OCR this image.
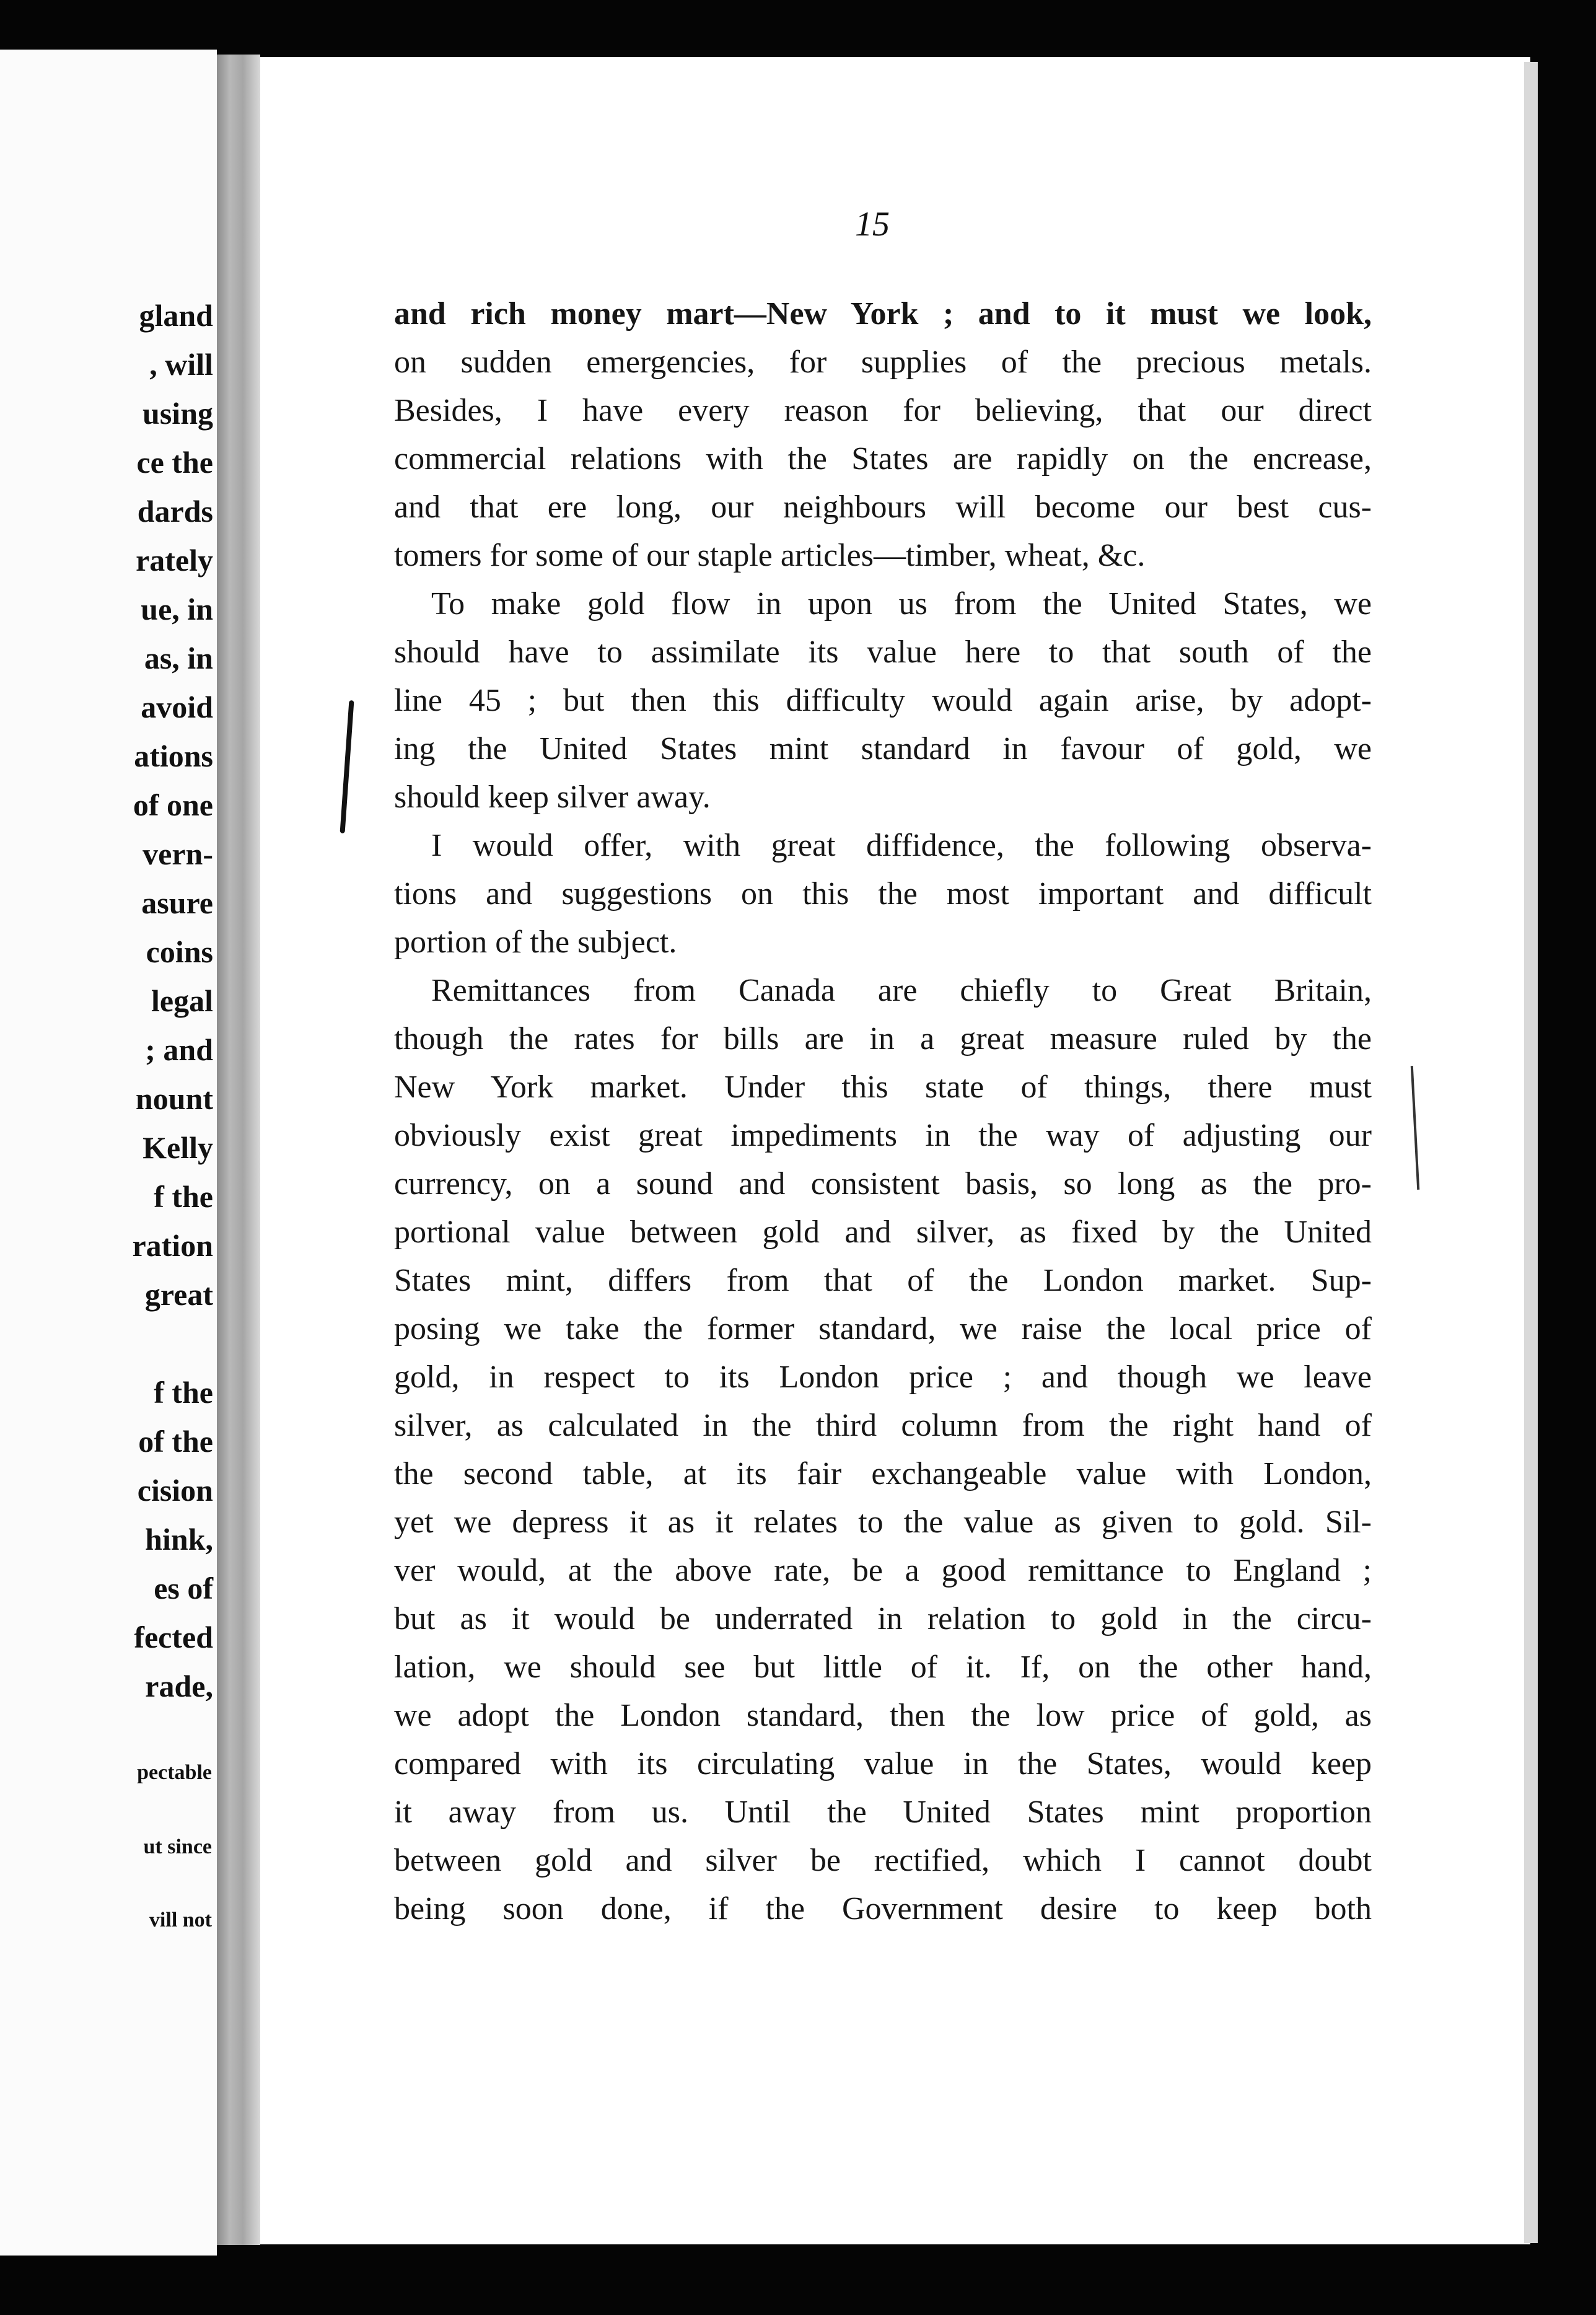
gland
, will
using
ce the
dards
rately
ue, in
as, in
avoid
ations
of one
vern-
asure
coins
legal
; and
nount
Kelly
f the
ration
great
f the
of the
cision
hink,
es of
fected
rade,
pectable
ut since
vill not
15
and rich money mart—New York ; and to it must we look,
on sudden emergencies, for supplies of the precious metals.
Besides, I have every reason for believing, that our direct
commercial relations with the States are rapidly on the encrease,
and that ere long, our neighbours will become our best cus-
tomers for some of our staple articles—timber, wheat, &c.
To make gold flow in upon us from the United States, we
should have to assimilate its value here to that south of the
line 45 ; but then this difficulty would again arise, by adopt-
ing the United States mint standard in favour of gold, we
should keep silver away.
I would offer, with great diffidence, the following observa-
tions and suggestions on this the most important and difficult
portion of the subject.
Remittances from Canada are chiefly to Great Britain,
though the rates for bills are in a great measure ruled by the
New York market. Under this state of things, there must
obviously exist great impediments in the way of adjusting our
currency, on a sound and consistent basis, so long as the pro-
portional value between gold and silver, as fixed by the United
States mint, differs from that of the London market. Sup-
posing we take the former standard, we raise the local price of
gold, in respect to its London price ; and though we leave
silver, as calculated in the third column from the right hand of
the second table, at its fair exchangeable value with London,
yet we depress it as it relates to the value as given to gold. Sil-
ver would, at the above rate, be a good remittance to England ;
but as it would be underrated in relation to gold in the circu-
lation, we should see but little of it. If, on the other hand,
we adopt the London standard, then the low price of gold, as
compared with its circulating value in the States, would keep
it away from us. Until the United States mint proportion
between gold and silver be rectified, which I cannot doubt
being soon done, if the Government desire to keep both
